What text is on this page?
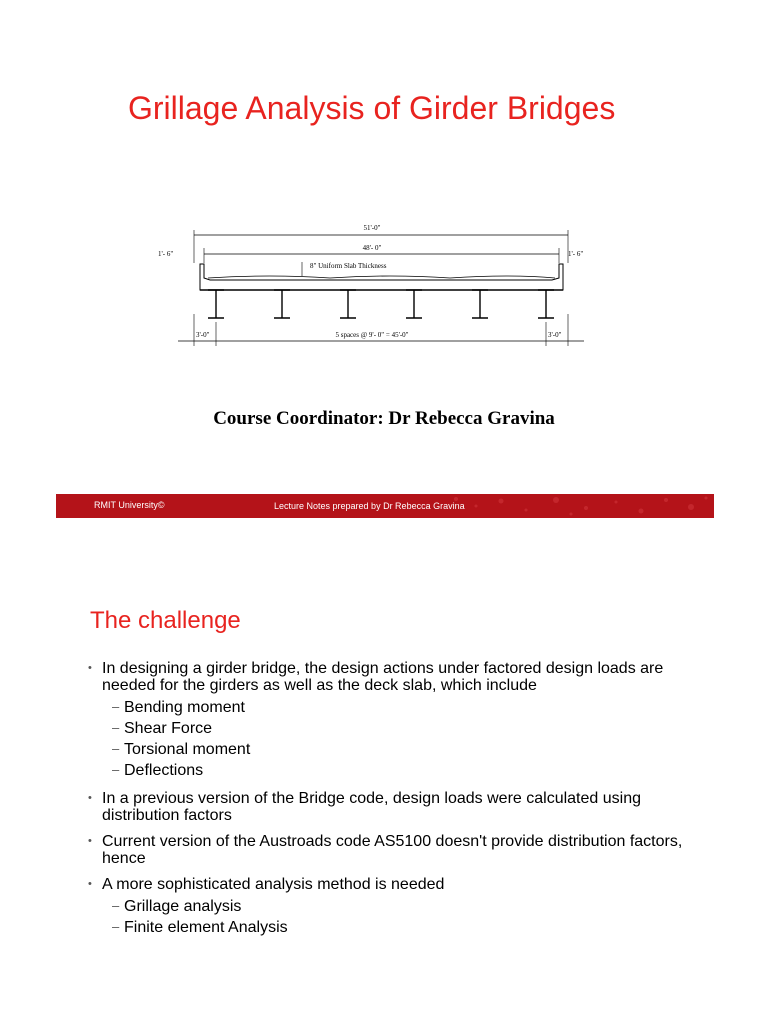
Grillage Analysis of Girder Bridges
51'-0"
48'- 0"
1'- 6"	1'- 6"
8" Uniform Slab Thickness
3'-0"	5 spaces @ 9'- 0" = 45'-0"	3'-0"
Course Coordinator: Dr Rebecca Gravina
RMIT University©	Lecture Notes prepared by Dr Rebecca Gravina
The challenge
• In designing a girder bridge, the design actions under factored design loads are needed for the girders as well as the deck slab, which include
– Bending moment
– Shear Force
– Torsional moment
– Deflections
• In a previous version of the Bridge code, design loads were calculated using distribution factors
• Current version of the Austroads code AS5100 doesn't provide distribution factors, hence
• A more sophisticated analysis method is needed
– Grillage analysis
– Finite element Analysis
